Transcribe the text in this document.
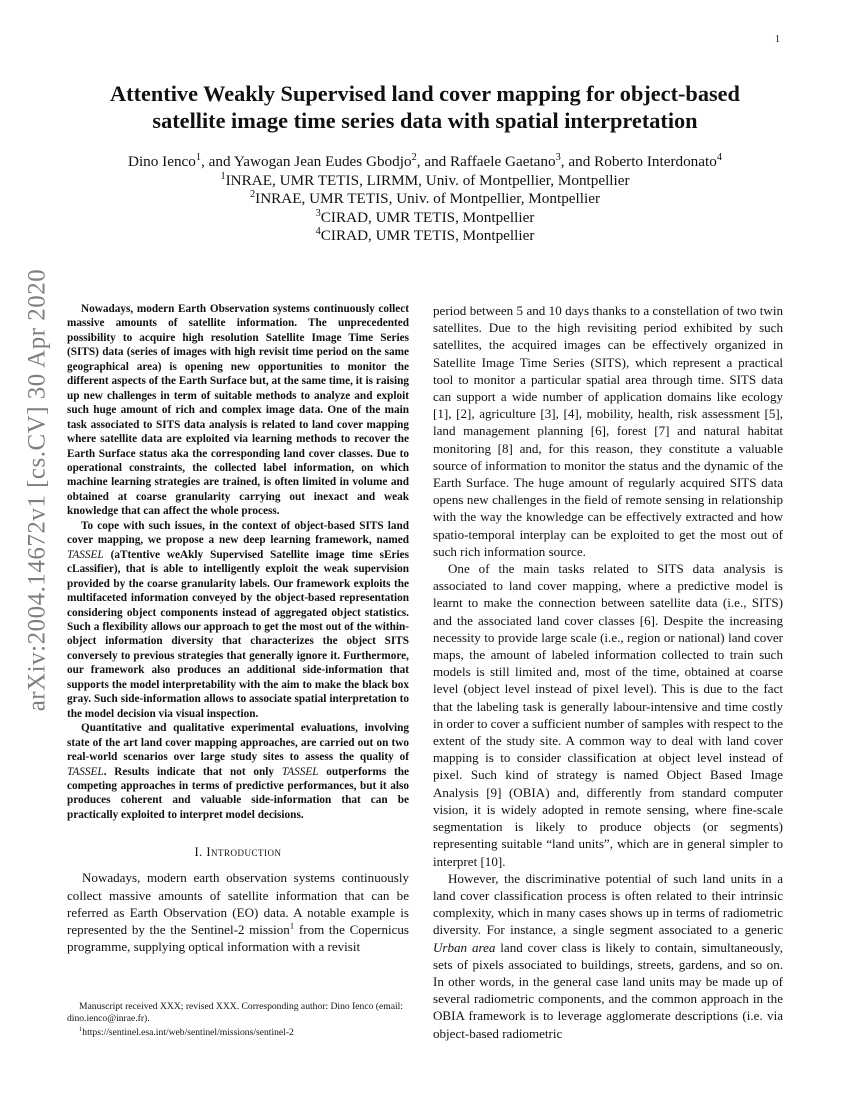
1
arXiv:2004.14672v1 [cs.CV] 30 Apr 2020
Attentive Weakly Supervised land cover mapping for object-based
satellite image time series data with spatial interpretation
Dino Ienco$^1$, and Yawogan Jean Eudes Gbodjo$^2$, and Raffaele Gaetano$^3$, and Roberto Interdonato$^4$
$^1$INRAE, UMR TETIS, LIRMM, Univ. of Montpellier, Montpellier
$^2$INRAE, UMR TETIS, Univ. of Montpellier, Montpellier
$^3$CIRAD, UMR TETIS, Montpellier
$^4$CIRAD, UMR TETIS, Montpellier

Nowadays, modern Earth Observation systems continuously collect massive amounts of satellite information. The unprecedented possibility to acquire high resolution Satellite Image Time Series (SITS) data (series of images with high revisit time period on the same geographical area) is opening new opportunities to monitor the different aspects of the Earth Surface but, at the same time, it is raising up new challenges in term of suitable methods to analyze and exploit such huge amount of rich and complex image data. One of the main task associated to SITS data analysis is related to land cover mapping where satellite data are exploited via learning methods to recover the Earth Surface status aka the corresponding land cover classes. Due to operational constraints, the collected label information, on which machine learning strategies are trained, is often limited in volume and obtained at coarse granularity carrying out inexact and weak knowledge that can affect the whole process.

To cope with such issues, in the context of object-based SITS land cover mapping, we propose a new deep learning framework, named TASSEL (aTtentive weAkly Supervised Satellite image time sEries cLassifier), that is able to intelligently exploit the weak supervision provided by the coarse granularity labels. Our framework exploits the multifaceted information conveyed by the object-based representation considering object components instead of aggregated object statistics. Such a flexibility allows our approach to get the most out of the within-object information diversity that characterizes the object SITS conversely to previous strategies that generally ignore it. Furthermore, our framework also produces an additional side-information that supports the model interpretability with the aim to make the black box gray. Such side-information allows to associate spatial interpretation to the model decision via visual inspection.

Quantitative and qualitative experimental evaluations, involving state of the art land cover mapping approaches, are carried out on two real-world scenarios over large study sites to assess the quality of TASSEL. Results indicate that not only TASSEL outperforms the competing approaches in terms of predictive performances, but it also produces coherent and valuable side-information that can be practically exploited to interpret model decisions.

I. Introduction

Nowadays, modern earth observation systems continuously collect massive amounts of satellite information that can be referred as Earth Observation (EO) data. A notable example is represented by the the Sentinel-2 mission$^1$ from the Copernicus programme, supplying optical information with a revisit

period between 5 and 10 days thanks to a constellation of two twin satellites. Due to the high revisiting period exhibited by such satellites, the acquired images can be effectively organized in Satellite Image Time Series (SITS), which represent a practical tool to monitor a particular spatial area through time. SITS data can support a wide number of application domains like ecology [1], [2], agriculture [3], [4], mobility, health, risk assessment [5], land management planning [6], forest [7] and natural habitat monitoring [8] and, for this reason, they constitute a valuable source of information to monitor the status and the dynamic of the Earth Surface. The huge amount of regularly acquired SITS data opens new challenges in the field of remote sensing in relationship with the way the knowledge can be effectively extracted and how spatio-temporal interplay can be exploited to get the most out of such rich information source.

One of the main tasks related to SITS data analysis is associated to land cover mapping, where a predictive model is learnt to make the connection between satellite data (i.e., SITS) and the associated land cover classes [6]. Despite the increasing necessity to provide large scale (i.e., region or national) land cover maps, the amount of labeled information collected to train such models is still limited and, most of the time, obtained at coarse level (object level instead of pixel level). This is due to the fact that the labeling task is generally labour-intensive and time costly in order to cover a sufficient number of samples with respect to the extent of the study site. A common way to deal with land cover mapping is to consider classification at object level instead of pixel. Such kind of strategy is named Object Based Image Analysis [9] (OBIA) and, differently from standard computer vision, it is widely adopted in remote sensing, where fine-scale segmentation is likely to produce objects (or segments) representing suitable “land units”, which are in general simpler to interpret [10].

However, the discriminative potential of such land units in a land cover classification process is often related to their intrinsic complexity, which in many cases shows up in terms of radiometric diversity. For instance, a single segment associated to a generic Urban area land cover class is likely to contain, simultaneously, sets of pixels associated to buildings, streets, gardens, and so on. In other words, in the general case land units may be made up of several radiometric components, and the common approach in the OBIA framework is to leverage agglomerate descriptions (i.e. via object-based radiometric

Manuscript received XXX; revised XXX. Corresponding author: Dino Ienco (email: dino.ienco@inrae.fr).

$^1$https://sentinel.esa.int/web/sentinel/missions/sentinel-2
